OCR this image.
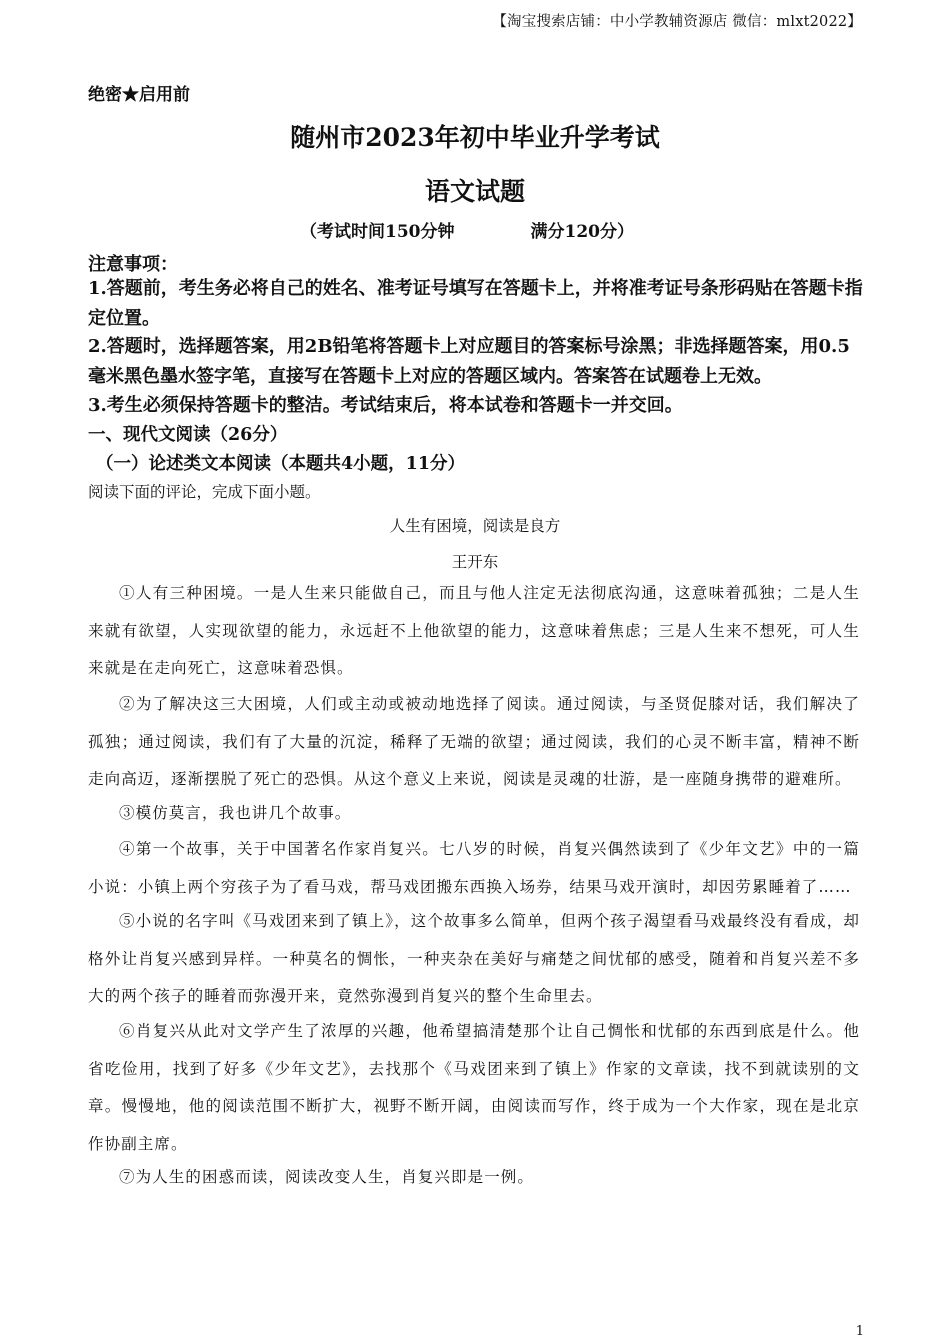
【淘宝搜索店铺：中小学教辅资源店 微信：mlxt2022】
绝密★启用前
随州市2023年初中毕业升学考试
语文试题
（考试时间150分钟	满分120分）
注意事项：
1.答题前，考生务必将自己的姓名、准考证号填写在答题卡上，并将准考证号条形码贴在答题卡指定位置。
2.答题时，选择题答案，用2B铅笔将答题卡上对应题目的答案标号涂黑；非选择题答案，用0.5毫米黑色墨水签字笔，直接写在答题卡上对应的答题区域内。答案答在试题卷上无效。
3.考生必须保持答题卡的整洁。考试结束后，将本试卷和答题卡一并交回。
一、现代文阅读（26分）
（一）论述类文本阅读（本题共4小题，11分）
阅读下面的评论，完成下面小题。
人生有困境，阅读是良方
王开东
①人有三种困境。一是人生来只能做自己，而且与他人注定无法彻底沟通，这意味着孤独；二是人生来就有欲望，人实现欲望的能力，永远赶不上他欲望的能力，这意味着焦虑；三是人生来不想死，可人生来就是在走向死亡，这意味着恐惧。
②为了解决这三大困境，人们或主动或被动地选择了阅读。通过阅读，与圣贤促膝对话，我们解决了孤独；通过阅读，我们有了大量的沉淀，稀释了无端的欲望；通过阅读，我们的心灵不断丰富，精神不断走向高迈，逐渐摆脱了死亡的恐惧。从这个意义上来说，阅读是灵魂的壮游，是一座随身携带的避难所。
③模仿莫言，我也讲几个故事。
④第一个故事，关于中国著名作家肖复兴。七八岁的时候，肖复兴偶然读到了《少年文艺》中的一篇小说：小镇上两个穷孩子为了看马戏，帮马戏团搬东西换入场券，结果马戏开演时，却因劳累睡着了……
⑤小说的名字叫《马戏团来到了镇上》，这个故事多么简单，但两个孩子渴望看马戏最终没有看成，却格外让肖复兴感到异样。一种莫名的惆怅，一种夹杂在美好与痛楚之间忧郁的感受，随着和肖复兴差不多大的两个孩子的睡着而弥漫开来，竟然弥漫到肖复兴的整个生命里去。
⑥肖复兴从此对文学产生了浓厚的兴趣，他希望搞清楚那个让自己惆怅和忧郁的东西到底是什么。他省吃俭用，找到了好多《少年文艺》，去找那个《马戏团来到了镇上》作家的文章读，找不到就读别的文章。慢慢地，他的阅读范围不断扩大，视野不断开阔，由阅读而写作，终于成为一个大作家，现在是北京作协副主席。
⑦为人生的困惑而读，阅读改变人生，肖复兴即是一例。
1
